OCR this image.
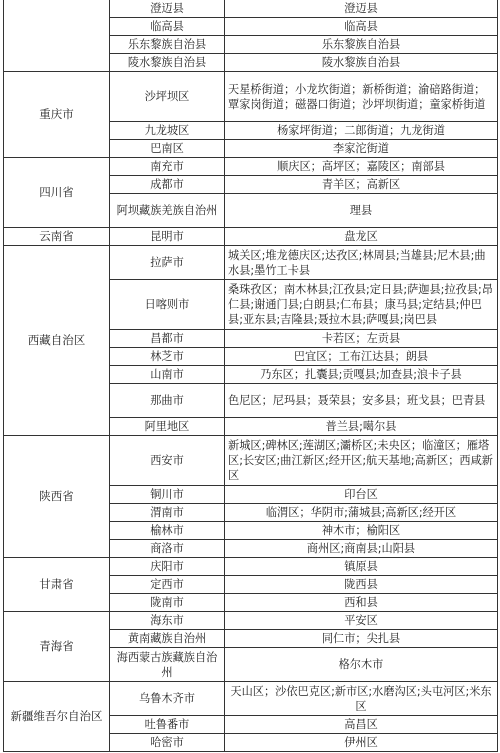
	澄迈县	澄迈县
	临高县	临高县
	乐东黎族自治县	乐东黎族自治县
	陵水黎族自治县	陵水黎族自治县
重庆市	沙坪坝区	天星桥街道；小龙坎街道；新桥街道；渝碚路街道；覃家岗街道；磁器口街道；沙坪坝街道；童家桥街道
	九龙坡区	杨家坪街道；二郎街道；九龙街道
	巴南区	李家沱街道
四川省	南充市	顺庆区；高坪区；嘉陵区；南部县
	成都市	青羊区；高新区
	阿坝藏族羌族自治州	理县
云南省	昆明市	盘龙区
西藏自治区	拉萨市	城关区;堆龙德庆区;达孜区;林周县;当雄县;尼木县;曲水县;墨竹工卡县
	日喀则市	桑珠孜区；南木林县;江孜县;定日县;萨迦县;拉孜县;昂仁县;谢通门县;白朗县;仁布县；康马县;定结县;仲巴县;亚东县;吉隆县;聂拉木县;萨嘎县;岗巴县
	昌都市	卡若区；左贡县
	林芝市	巴宜区；工布江达县；朗县
	山南市	乃东区；扎囊县;贡嘎县;加查县;浪卡子县
	那曲市	色尼区；尼玛县；聂荣县；安多县；班戈县；巴青县
	阿里地区	普兰县;噶尔县
陕西省	西安市	新城区;碑林区;莲湖区;灞桥区;未央区；临潼区；雁塔区;长安区;曲江新区;经开区;航天基地;高新区；西咸新区
	铜川市	印台区
	渭南市	临渭区；华阴市;蒲城县;高新区;经开区
	榆林市	神木市；榆阳区
	商洛市	商州区;商南县;山阳县
甘肃省	庆阳市	镇原县
	定西市	陇西县
	陇南市	西和县
青海省	海东市	平安区
	黄南藏族自治州	同仁市；尖扎县
	海西蒙古族藏族自治州	格尔木市
新疆维吾尔自治区	乌鲁木齐市	天山区；沙依巴克区;新市区;水磨沟区;头屯河区;米东区
	吐鲁番市	高昌区
	哈密市	伊州区
